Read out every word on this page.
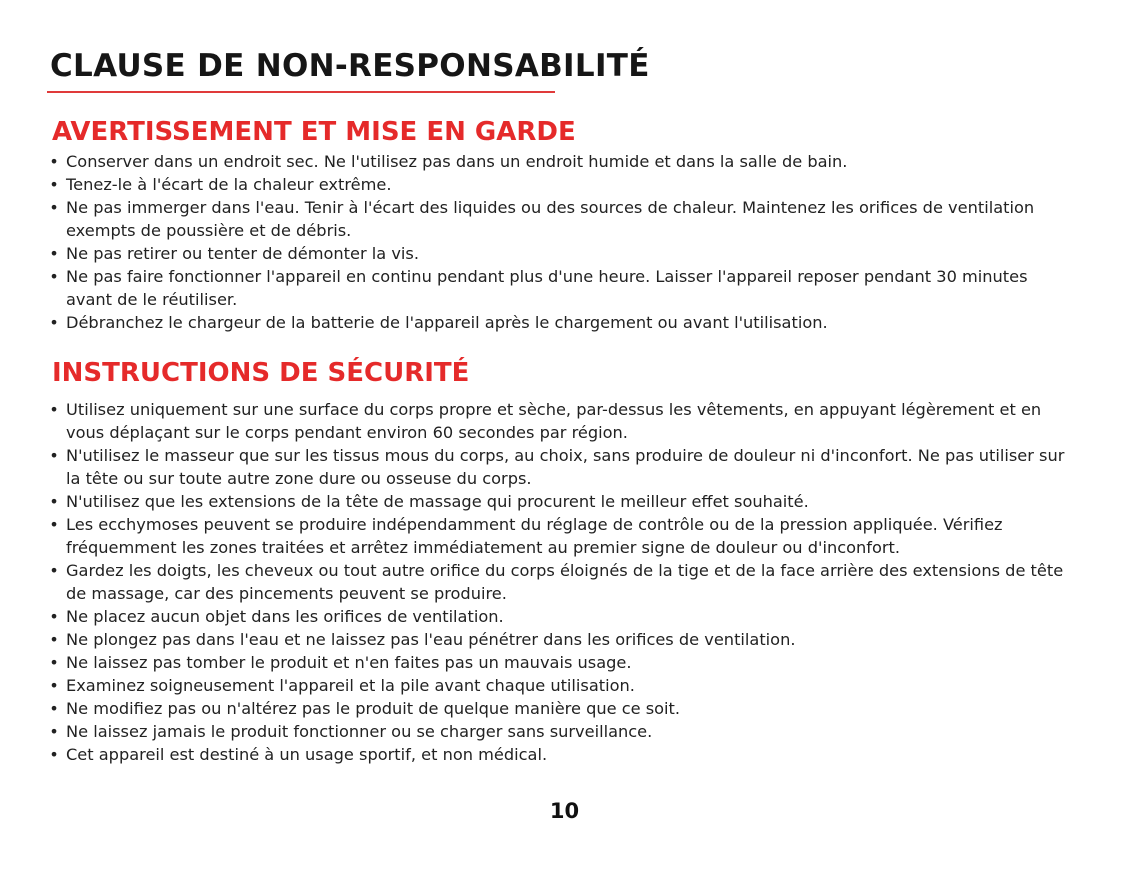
CLAUSE DE NON-RESPONSABILITÉ
AVERTISSEMENT ET MISE EN GARDE
• Conserver dans un endroit sec. Ne l'utilisez pas dans un endroit humide et dans la salle de bain.
• Tenez-le à l'écart de la chaleur extrême.
• Ne pas immerger dans l'eau. Tenir à l'écart des liquides ou des sources de chaleur. Maintenez les orifices de ventilation exempts de poussière et de débris.
• Ne pas retirer ou tenter de démonter la vis.
• Ne pas faire fonctionner l'appareil en continu pendant plus d'une heure. Laisser l'appareil reposer pendant 30 minutes avant de le réutiliser.
• Débranchez le chargeur de la batterie de l'appareil après le chargement ou avant l'utilisation.
INSTRUCTIONS DE SÉCURITÉ
• Utilisez uniquement sur une surface du corps propre et sèche, par-dessus les vêtements, en appuyant légèrement et en vous déplaçant sur le corps pendant environ 60 secondes par région.
• N'utilisez le masseur que sur les tissus mous du corps, au choix, sans produire de douleur ni d'inconfort. Ne pas utiliser sur la tête ou sur toute autre zone dure ou osseuse du corps.
• N'utilisez que les extensions de la tête de massage qui procurent le meilleur effet souhaité.
• Les ecchymoses peuvent se produire indépendamment du réglage de contrôle ou de la pression appliquée. Vérifiez fréquemment les zones traitées et arrêtez immédiatement au premier signe de douleur ou d'inconfort.
• Gardez les doigts, les cheveux ou tout autre orifice du corps éloignés de la tige et de la face arrière des extensions de tête de massage, car des pincements peuvent se produire.
• Ne placez aucun objet dans les orifices de ventilation.
• Ne plongez pas dans l'eau et ne laissez pas l'eau pénétrer dans les orifices de ventilation.
• Ne laissez pas tomber le produit et n'en faites pas un mauvais usage.
• Examinez soigneusement l'appareil et la pile avant chaque utilisation.
• Ne modifiez pas ou n'altérez pas le produit de quelque manière que ce soit.
• Ne laissez jamais le produit fonctionner ou se charger sans surveillance.
• Cet appareil est destiné à un usage sportif, et non médical.
10
